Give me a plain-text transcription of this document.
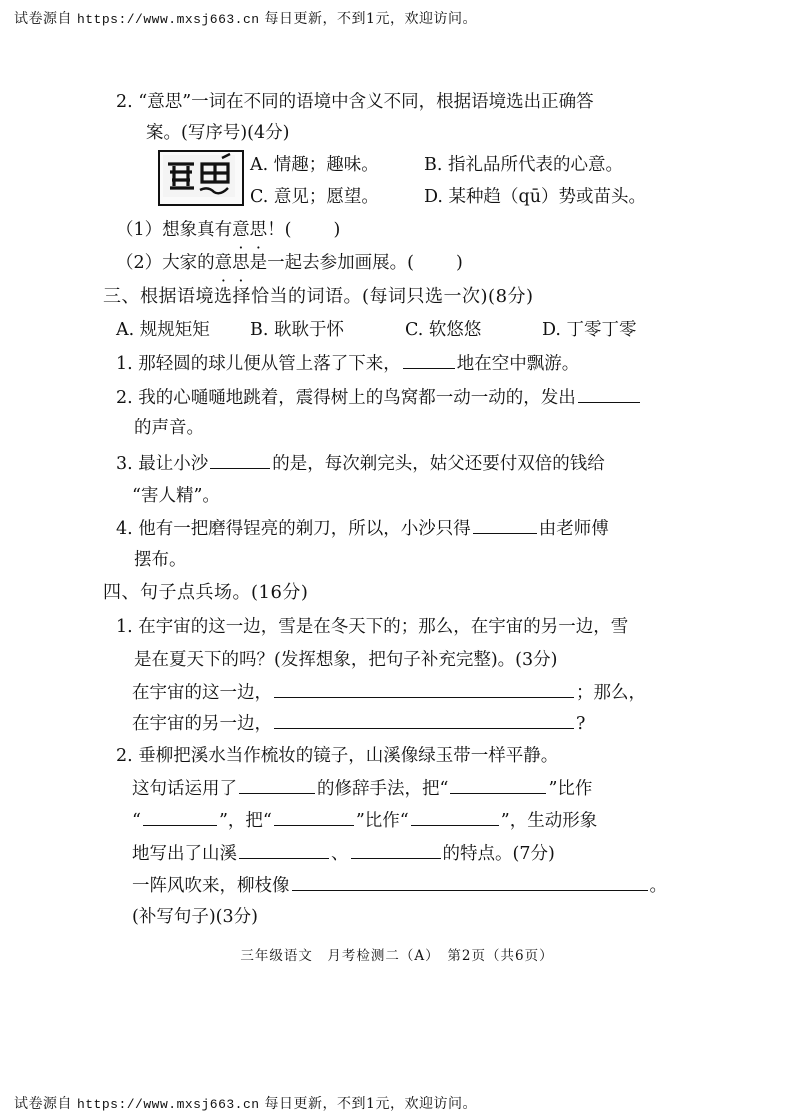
试卷源自 https://www.mxsj663.cn 每日更新，不到1元，欢迎访问。
2. “意思”一词在不同的语境中含义不同，根据语境选出正确答
案。(写序号)(4分)
A. 情趣；趣味。	B. 指礼品所代表的心意。
C. 意见；愿望。	D. 某种趋（qū）势或苗头。
（1）想象真有意思！( )
（2）大家的意思是一起去参加画展。( )
三、根据语境选择恰当的词语。(每词只选一次)(8分)
A. 规规矩矩 B. 耿耿于怀	C. 软悠悠	D. 丁零丁零
1. 那轻圆的球儿便从管上落了下来，	地在空中飘游。
2. 我的心嗵嗵地跳着，震得树上的鸟窝都一动一动的，发出
的声音。
3. 最让小沙	的是，每次剃完头，姑父还要付双倍的钱给
“害人精”。
4. 他有一把磨得锃亮的剃刀，所以，小沙只得	由老师傅
摆布。
四、句子点兵场。(16分)
1. 在宇宙的这一边，雪是在冬天下的；那么，在宇宙的另一边，雪
是在夏天下的吗？(发挥想象，把句子补充完整)。(3分)
在宇宙的这一边，	；那么，
在宇宙的另一边，	?
2. 垂柳把溪水当作梳妆的镜子，山溪像绿玉带一样平静。
这句话运用了	的修辞手法，把“	”比作
“	”，把“	”比作“	”，生动形象
地写出了山溪	、	的特点。(7分)
一阵风吹来，柳枝像	。
(补写句子)(3分)
三年级语文　月考检测二（A）　第2页（共6页）
试卷源自 https://www.mxsj663.cn 每日更新，不到1元，欢迎访问。
